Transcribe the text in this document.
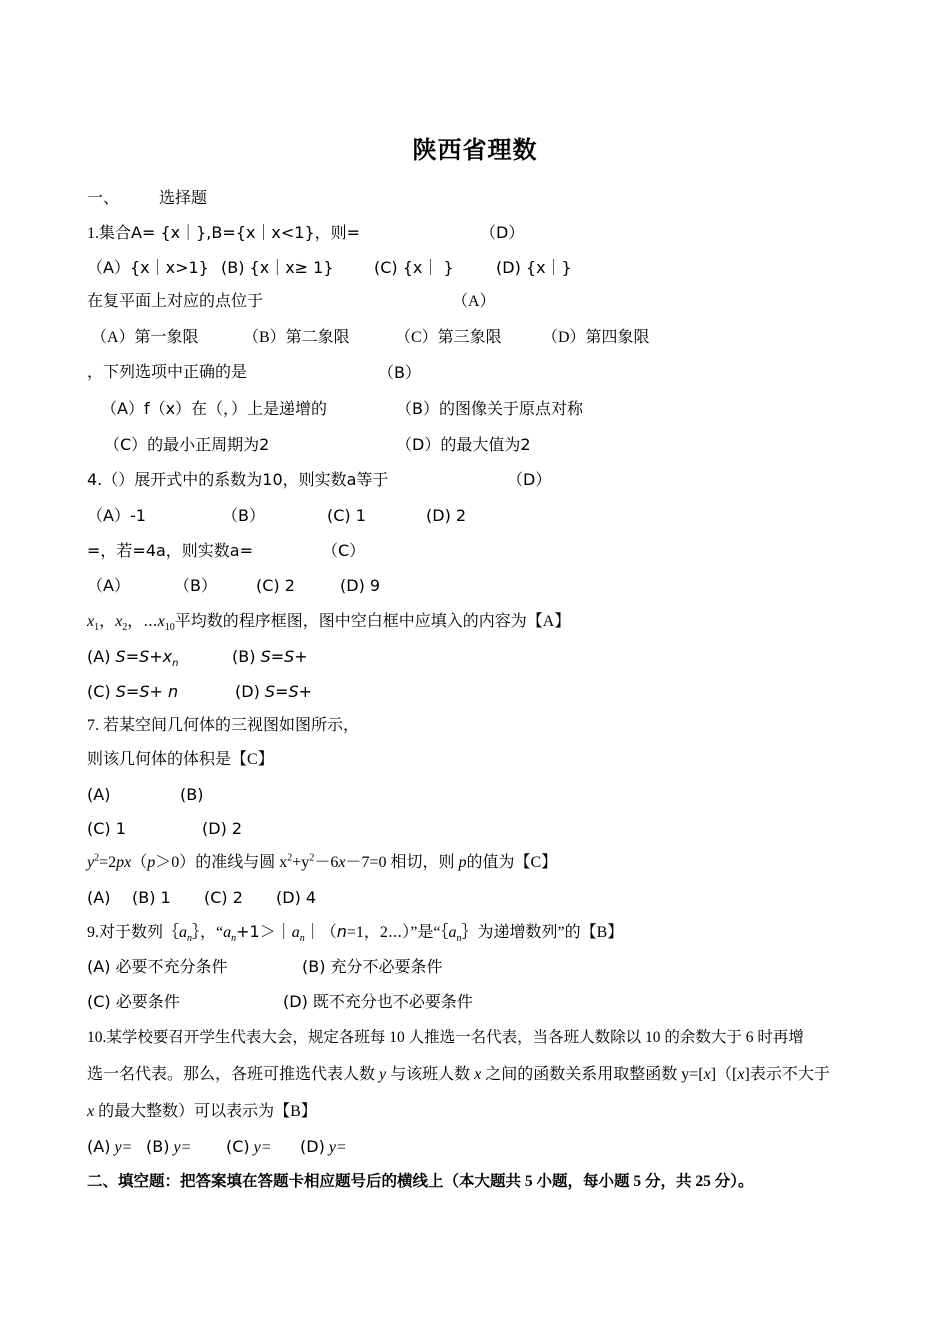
陕西省理数
一、	选择题
1.集合A= {x｜},B={x｜x<1}，则=	（D）
（A）{x｜x>1} (B) {x｜x≥ 1}	(C) {x｜ }	(D) {x｜}
在复平面上对应的点位于	（A）
（A）第一象限	（B）第二象限	（C）第三象限	（D）第四象限
，下列选项中正确的是	（B）
（A）f（x）在（，）上是递增的	（B）的图像关于原点对称
（C）的最小正周期为2	（D）的最大值为2
4.（）展开式中的系数为10，则实数a等于	（D）
（A）-1	（B）	(C) 1	(D) 2
=，若=4a，则实数a=	（C）
（A）	（B） (C) 2	(D) 9
$x_1$，$x_2$，$\cdots x_{10}$平均数的程序框图，图中空白框中应填入的内容为【A】
(A) $S=S+x_n$	(B) S=S+
(C) S=S+ n	(D) S=S+
7. 若某空间几何体的三视图如图所示，
则该几何体的体积是【C】
(A)	(B)
(C) 1	(D) 2
$y^2=2px(p>0)$的准线与圆 $x^2+y^2-6x-7=0$ 相切，则 p的值为【C】
(A) (B) 1 (C) 2 (D) 4
9.对于数列$\{a_n\}$，“$a_n+1>|a_n|(n=1$，2⋯）”是“$\{a_n\}$为递增数列”的【B】
(A) 必要不充分条件	(B) 充分不必要条件
(C) 必要条件	(D) 既不充分也不必要条件
10.某学校要召开学生代表大会，规定各班每 10 人推选一名代表，当各班人数除以 10 的余数大于 6 时再增
选一名代表。那么，各班可推选代表人数 y 与该班人数 x 之间的函数关系用取整函数 y=[x]（[x]表示不大于
x 的最大整数）可以表示为【B】
(A) y= (B) y= (C) y= (D) y=
二、填空题：把答案填在答题卡相应题号后的横线上（本大题共 5 小题，每小题 5 分，共 25 分）。
